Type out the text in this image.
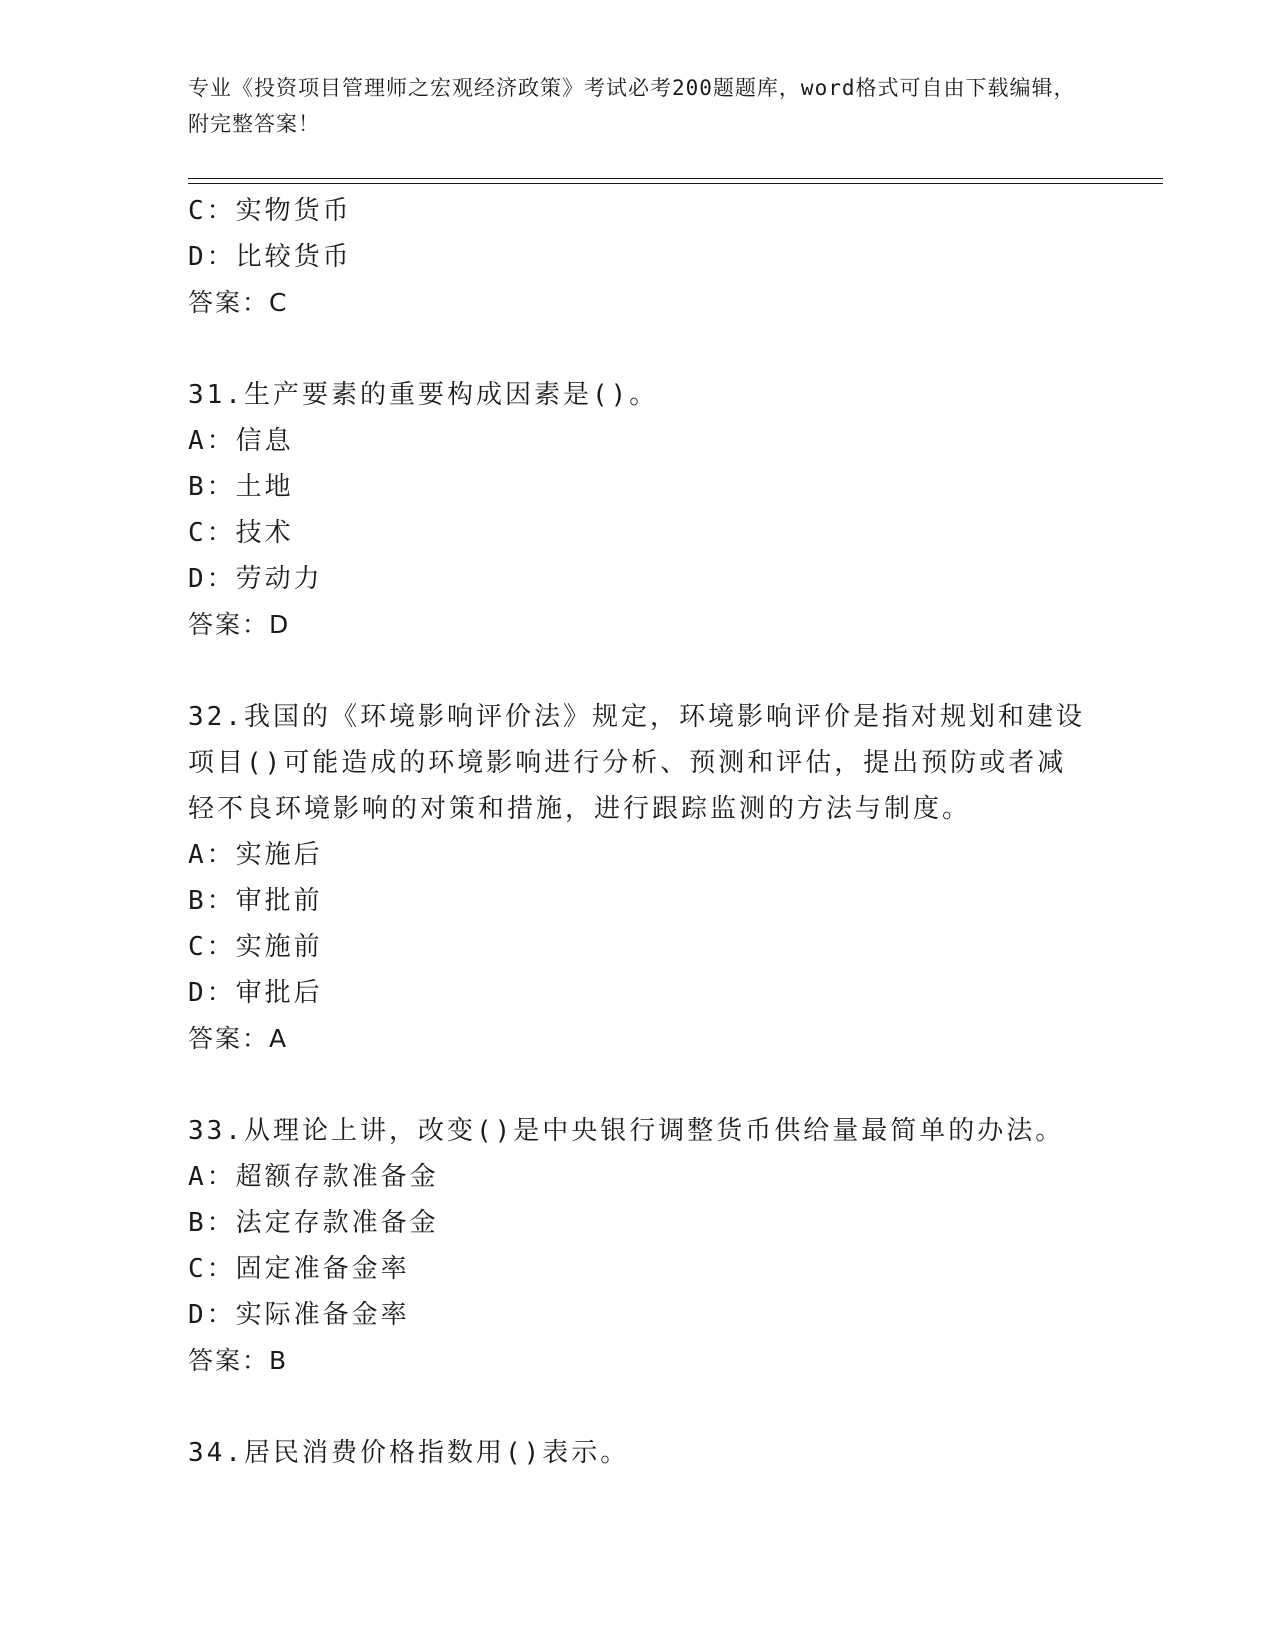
专业《投资项目管理师之宏观经济政策》考试必考200题题库，word格式可自由下载编辑，附完整答案！
C：实物货币
D：比较货币
答案：C
31.生产要素的重要构成因素是()。
A：信息
B：土地
C：技术
D：劳动力
答案：D
32.我国的《环境影响评价法》规定，环境影响评价是指对规划和建设
项目()可能造成的环境影响进行分析、预测和评估，提出预防或者减
轻不良环境影响的对策和措施，进行跟踪监测的方法与制度。
A：实施后
B：审批前
C：实施前
D：审批后
答案：A
33.从理论上讲，改变()是中央银行调整货币供给量最简单的办法。
A：超额存款准备金
B：法定存款准备金
C：固定准备金率
D：实际准备金率
答案：B
34.居民消费价格指数用()表示。
